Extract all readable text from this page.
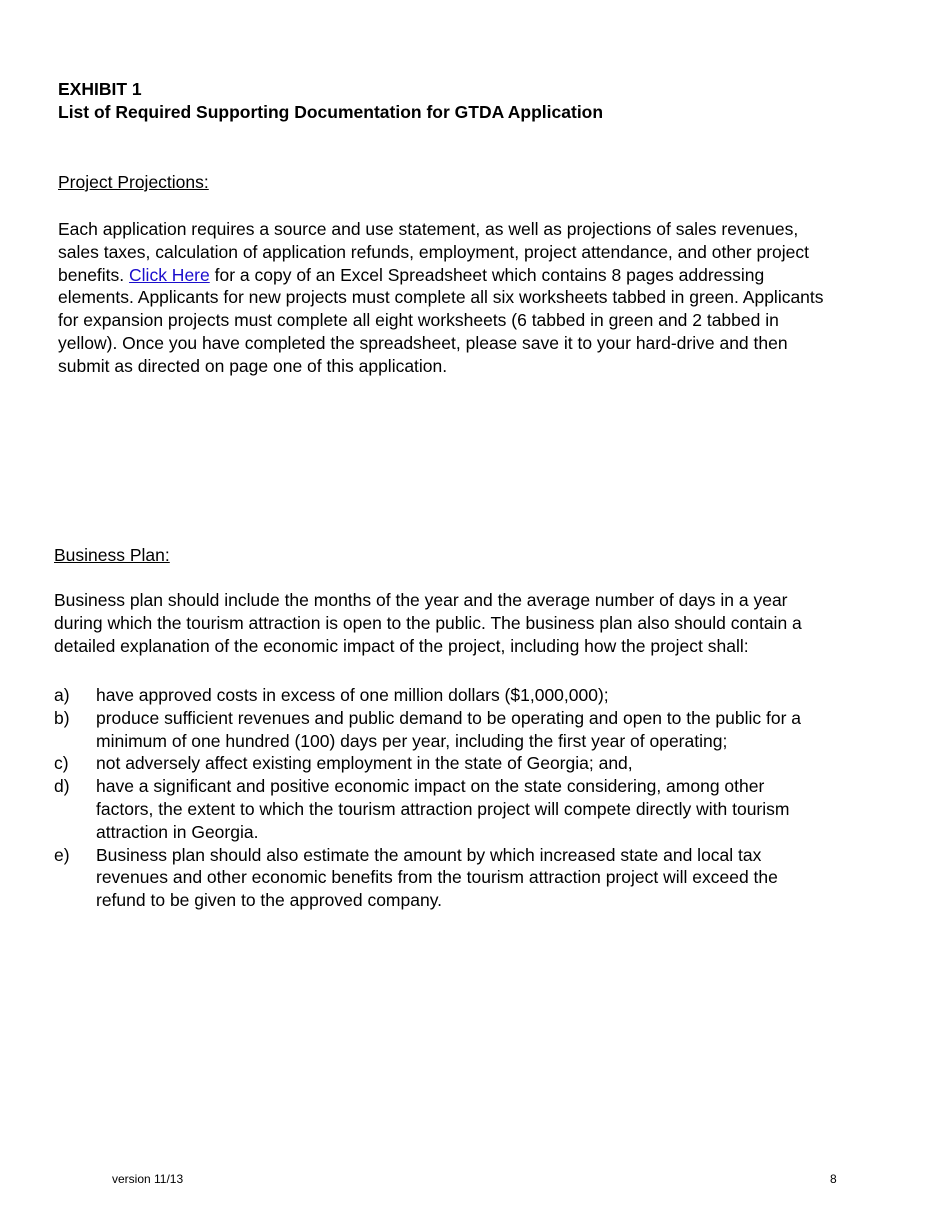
EXHIBIT 1
List of Required Supporting Documentation for GTDA Application
Project Projections:
Each application requires a source and use statement, as well as projections of sales revenues,
sales taxes, calculation of application refunds, employment, project attendance, and other project
benefits. Click Here for a copy of an Excel Spreadsheet which contains 8 pages addressing
elements. Applicants for new projects must complete all six worksheets tabbed in green. Applicants
for expansion projects must complete all eight worksheets (6 tabbed in green and 2 tabbed in
yellow). Once you have completed the spreadsheet, please save it to your hard-drive and then
submit as directed on page one of this application.
Business Plan:
Business plan should include the months of the year and the average number of days in a year
during which the tourism attraction is open to the public. The business plan also should contain a
detailed explanation of the economic impact of the project, including how the project shall:
a) have approved costs in excess of one million dollars ($1,000,000);
b) produce sufficient revenues and public demand to be operating and open to the public for a
minimum of one hundred (100) days per year, including the first year of operating;
c) not adversely affect existing employment in the state of Georgia; and,
d) have a significant and positive economic impact on the state considering, among other
factors, the extent to which the tourism attraction project will compete directly with tourism
attraction in Georgia.
e) Business plan should also estimate the amount by which increased state and local tax
revenues and other economic benefits from the tourism attraction project will exceed the
refund to be given to the approved company.
version 11/13	8
